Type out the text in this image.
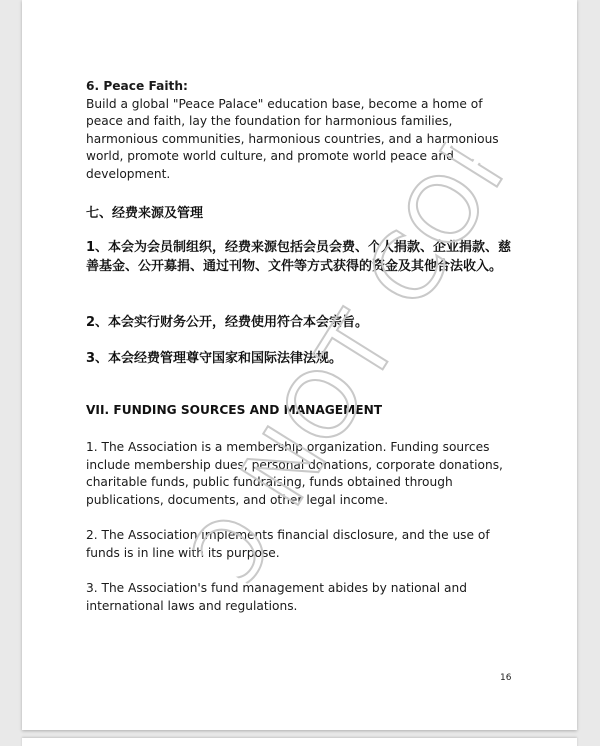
6. Peace Faith:

Build a global "Peace Palace" education base, become a home of peace and faith, lay the foundation for harmonious families, harmonious communities, harmonious countries, and a harmonious world, promote world culture, and promote world peace and development.

七、经费来源及管理
1、本会为会员制组织，经费来源包括会员会费、个人捐款、企业捐款、慈善基金、公开募捐、通过刊物、文件等方式获得的资金及其他合法收入。
2、本会实行财务公开，经费使用符合本会宗旨。
3、本会经费管理尊守国家和国际法律法规。
VII. FUNDING SOURCES AND MANAGEMENT
1. The Association is a membership organization. Funding sources include membership dues, personal donations, corporate donations, charitable funds, public fundraising, funds obtained through publications, documents, and other legal income.
2. The Association implements financial disclosure, and the use of funds is in line with its purpose.
3. The Association's fund management abides by national and international laws and regulations.
16
DO NOT COPY
